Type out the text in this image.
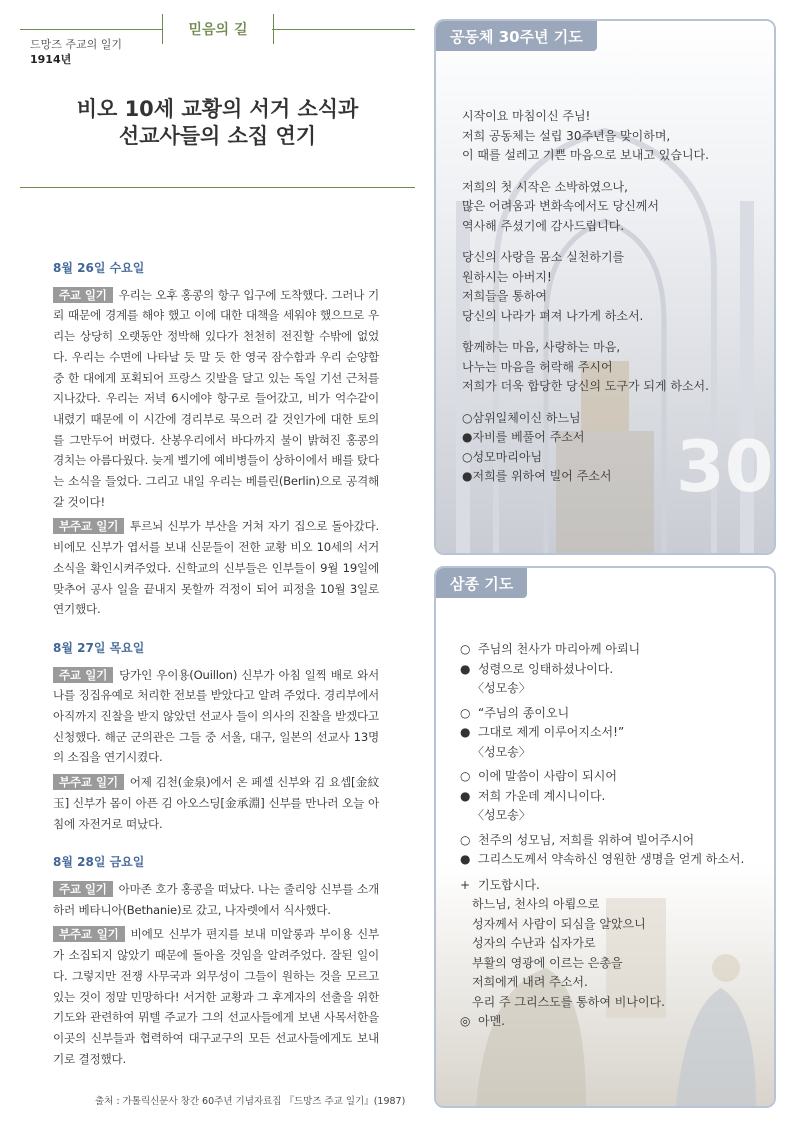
드망즈 주교의 일기
1914년
믿음의 길
비오 10세 교황의 서거 소식과
선교사들의 소집 연기
8월 26일 수요일

주교 일기 우리는 오후 홍콩의 항구 입구에 도착했다. 그러나 기뢰 때문에 경계를 해야 했고 이에 대한 대책을 세워야 했으므로 우리는 상당히 오랫동안 정박해 있다가 천천히 전진할 수밖에 없었다. 우리는 수면에 나타날 듯 말 듯 한 영국 잠수함과 우리 순양함 중 한 대에게 포획되어 프랑스 깃발을 달고 있는 독일 기선 근처를 지나갔다. 우리는 저녁 6시에야 항구로 들어갔고, 비가 억수같이 내렸기 때문에 이 시간에 경리부로 묵으러 갈 것인가에 대한 토의를 그만두어 버렸다. 산봉우리에서 바다까지 불이 밝혀진 홍콩의 경치는 아름다웠다. 늦게 벨기에 예비병들이 상하이에서 배를 탔다는 소식을 들었다. 그리고 내일 우리는 베를린(Berlin)으로 공격해 갈 것이다!

부주교 일기 투르뇌 신부가 부산을 거쳐 자기 집으로 돌아갔다. 비에모 신부가 엽서를 보내 신문들이 전한 교황 비오 10세의 서거 소식을 확인시켜주었다. 신학교의 신부들은 인부들이 9월 19일에 맞추어 공사 일을 끝내지 못할까 걱정이 되어 피정을 10월 3일로 연기했다.

8월 27일 목요일

주교 일기 당가인 우이용(Ouillon) 신부가 아침 일찍 배로 와서 나를 징집유예로 처리한 전보를 받았다고 알려 주었다. 경리부에서 아직까지 진찰을 받지 않았던 선교사 들이 의사의 진찰을 받겠다고 신청했다. 해군 군의관은 그들 중 서울, 대구, 일본의 선교사 13명의 소집을 연기시켰다.

부주교 일기 어제 김천(金泉)에서 온 페셀 신부와 김 요셉[金紋玉] 신부가 몸이 아픈 김 아오스딩[金承淵] 신부를 만나러 오늘 아침에 자전거로 떠났다.

8월 28일 금요일

주교 일기 아마존 호가 홍콩을 떠났다. 나는 줄리앙 신부를 소개하러 베타니아(Bethanie)로 갔고, 나자렛에서 식사했다.

부주교 일기 비에모 신부가 편지를 보내 미알롱과 부이용 신부가 소집되지 않았기 때문에 돌아올 것임을 알려주었다. 잘된 일이다. 그렇지만 전쟁 사무국과 외무성이 그들이 원하는 것을 모르고 있는 것이 정말 민망하다! 서거한 교황과 그 후계자의 선출을 위한 기도와 관련하여 뮈텔 주교가 그의 선교사들에게 보낸 사목서한을 이곳의 신부들과 협력하여 대구교구의 모든 선교사들에게도 보내기로 결정했다.

출처 : 가톨릭신문사 창간 60주년 기념자료집 『드망즈 주교 일기』(1987)
30
공동체 30주년 기도
시작이요 마침이신 주님!
저희 공동체는 설립 30주년을 맞이하며,
이 때를 설레고 기쁜 마음으로 보내고 있습니다.
저희의 첫 시작은 소박하였으나,
많은 어려움과 변화속에서도 당신께서
역사해 주셨기에 감사드립니다.
당신의 사랑을 몸소 실천하기를
원하시는 아버지!
저희들을 통하여
당신의 나라가 펴져 나가게 하소서.
함께하는 마음, 사랑하는 마음,
나누는 마음을 허락해 주시어
저희가 더욱 합당한 당신의 도구가 되게 하소서.
○삼위일체이신 하느님
●자비를 베풀어 주소서
○성모마리아님
●저희를 위하여 빌어 주소서
삼종 기도
○ 주님의 천사가 마리아께 아뢰니
● 성령으로 잉태하셨나이다.
〈성모송〉
○ “주님의 종이오니
● 그대로 제게 이루어지소서!”
〈성모송〉
○ 이에 말씀이 사람이 되시어
● 저희 가운데 계시니이다.
〈성모송〉
○ 천주의 성모님, 저희를 위하여 빌어주시어
● 그리스도께서 약속하신 영원한 생명을 얻게 하소서.
+ 기도합시다.
하느님, 천사의 아룀으로
성자께서 사람이 되심을 알았으니
성자의 수난과 십자가로
부활의 영광에 이르는 은총을
저희에게 내려 주소서.
우리 주 그리스도를 통하여 비나이다.
◎ 아멘.
